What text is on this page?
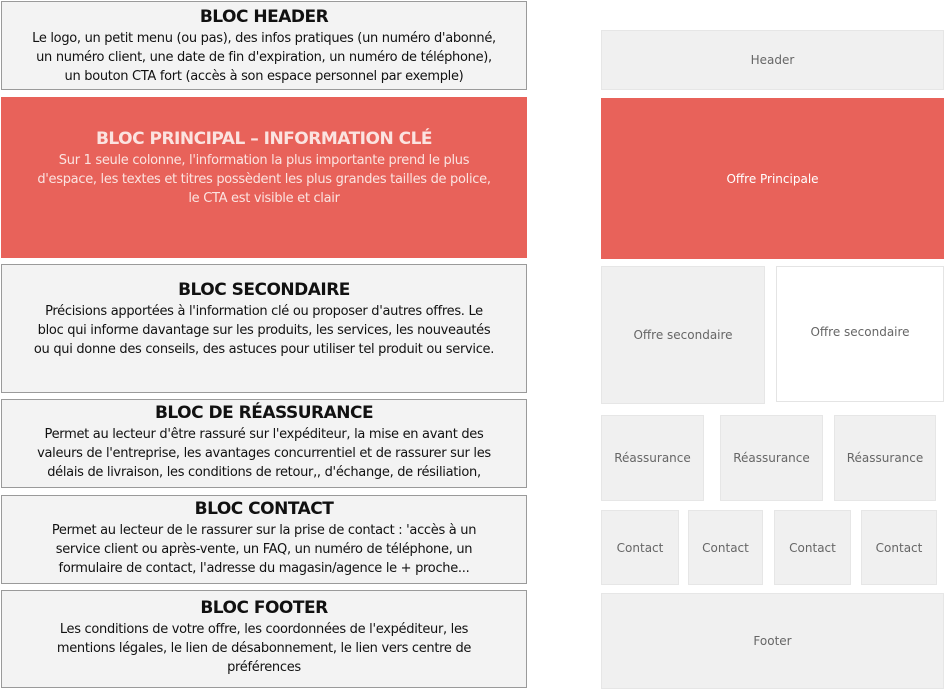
BLOC HEADER

Le logo, un petit menu (ou pas), des infos pratiques (un numéro d'abonné,
un numéro client, une date de fin d'expiration, un numéro de téléphone),
un bouton CTA fort (accès à son espace personnel par exemple)

BLOC PRINCIPAL – INFORMATION CLÉ

Sur 1 seule colonne, l'information la plus importante prend le plus
d'espace, les textes et titres possèdent les plus grandes tailles de police,
le CTA est visible et clair

BLOC SECONDAIRE

Précisions apportées à l'information clé ou proposer d'autres offres. Le
bloc qui informe davantage sur les produits, les services, les nouveautés
ou qui donne des conseils, des astuces pour utiliser tel produit ou service.

BLOC DE RÉASSURANCE

Permet au lecteur d'être rassuré sur l'expéditeur, la mise en avant des
valeurs de l'entreprise, les avantages concurrentiel et de rassurer sur les
délais de livraison, les conditions de retour,, d'échange, de résiliation,

BLOC CONTACT

Permet au lecteur de le rassurer sur la prise de contact : 'accès à un
service client ou après-vente, un FAQ, un numéro de téléphone, un
formulaire de contact, l'adresse du magasin/agence le + proche...

BLOC FOOTER

Les conditions de votre offre, les coordonnées de l'expéditeur, les
mentions légales, le lien de désabonnement, le lien vers centre de
préférences

Header
Offre Principale
Offre secondaire	Offre secondaire
Réassurance	Réassurance	Réassurance
Contact	Contact	Contact	Contact
Footer
